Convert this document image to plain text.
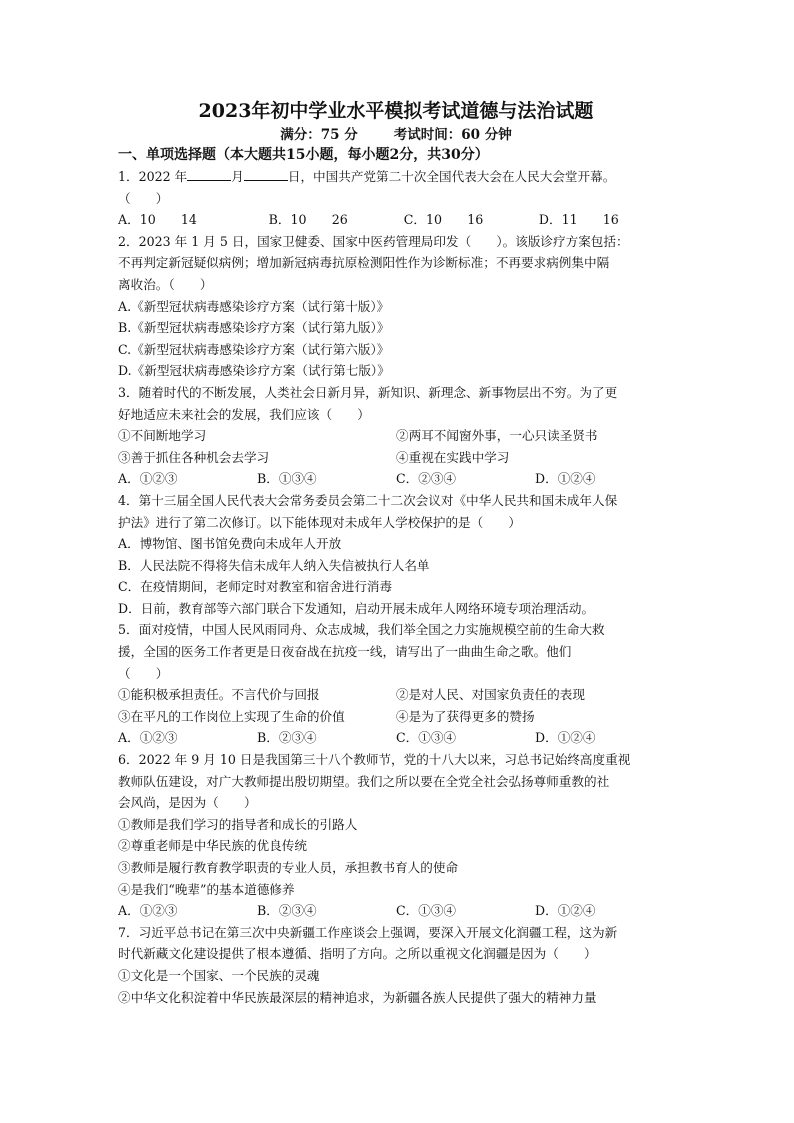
2023年初中学业水平模拟考试道德与法治试题
满分：75 分	考试时间：60 分钟
一、单项选择题（本大题共15小题，每小题2分，共30分）
1．2022 年	月	日，中国共产党第二十次全国代表大会在人民大会堂开幕。
（　　）
A．10　　14	B．10　　26	C．10　　16	D．11　　16
2．2023 年 1 月 5 日，国家卫健委、国家中医药管理局印发（　　）。该版诊疗方案包括：
不再判定新冠疑似病例；增加新冠病毒抗原检测阳性作为诊断标准；不再要求病例集中隔
离收治。（　　）
A.《新型冠状病毒感染诊疗方案（试行第十版）》
B.《新型冠状病毒感染诊疗方案（试行第九版）》
C.《新型冠状病毒感染诊疗方案（试行第六版）》
D.《新型冠状病毒感染诊疗方案（试行第七版）》
3．随着时代的不断发展，人类社会日新月异，新知识、新理念、新事物层出不穷。为了更
好地适应未来社会的发展，我们应该（　　）
①不间断地学习	②两耳不闻窗外事，一心只读圣贤书
③善于抓住各种机会去学习	④重视在实践中学习
A．①②③	B．①③④	C．②③④	D．①②④
4．第十三届全国人民代表大会常务委员会第二十二次会议对《中华人民共和国未成年人保
护法》进行了第二次修订。以下能体现对未成年人学校保护的是（　　）
A．博物馆、图书馆免费向未成年人开放
B．人民法院不得将失信未成年人纳入失信被执行人名单
C．在疫情期间，老师定时对教室和宿舍进行消毒
D．日前，教育部等六部门联合下发通知，启动开展未成年人网络环境专项治理活动。
5．面对疫情，中国人民风雨同舟、众志成城，我们举全国之力实施规模空前的生命大救
援，全国的医务工作者更是日夜奋战在抗疫一线，请写出了一曲曲生命之歌。他们
（　　）
①能积极承担责任。不言代价与回报	②是对人民、对国家负责任的表现
③在平凡的工作岗位上实现了生命的价值	④是为了获得更多的赞扬
A．①②③	B．②③④	C．①③④	D．①②④
6．2022 年 9 月 10 日是我国第三十八个教师节，党的十八大以来，习总书记始终高度重视
教师队伍建设，对广大教师提出殷切期望。我们之所以要在全党全社会弘扬尊师重教的社
会风尚，是因为（　　）
①教师是我们学习的指导者和成长的引路人
②尊重老师是中华民族的优良传统
③教师是履行教育教学职责的专业人员，承担教书育人的使命
④是我们“晚辈”的基本道德修养
A．①②③	B．②③④	C．①③④	D．①②④
7．习近平总书记在第三次中央新疆工作座谈会上强调，要深入开展文化润疆工程，这为新
时代新藏文化建设提供了根本遵循、指明了方向。之所以重视文化润疆是因为（　　）
①文化是一个国家、一个民族的灵魂
②中华文化积淀着中华民族最深层的精神追求，为新疆各族人民提供了强大的精神力量
